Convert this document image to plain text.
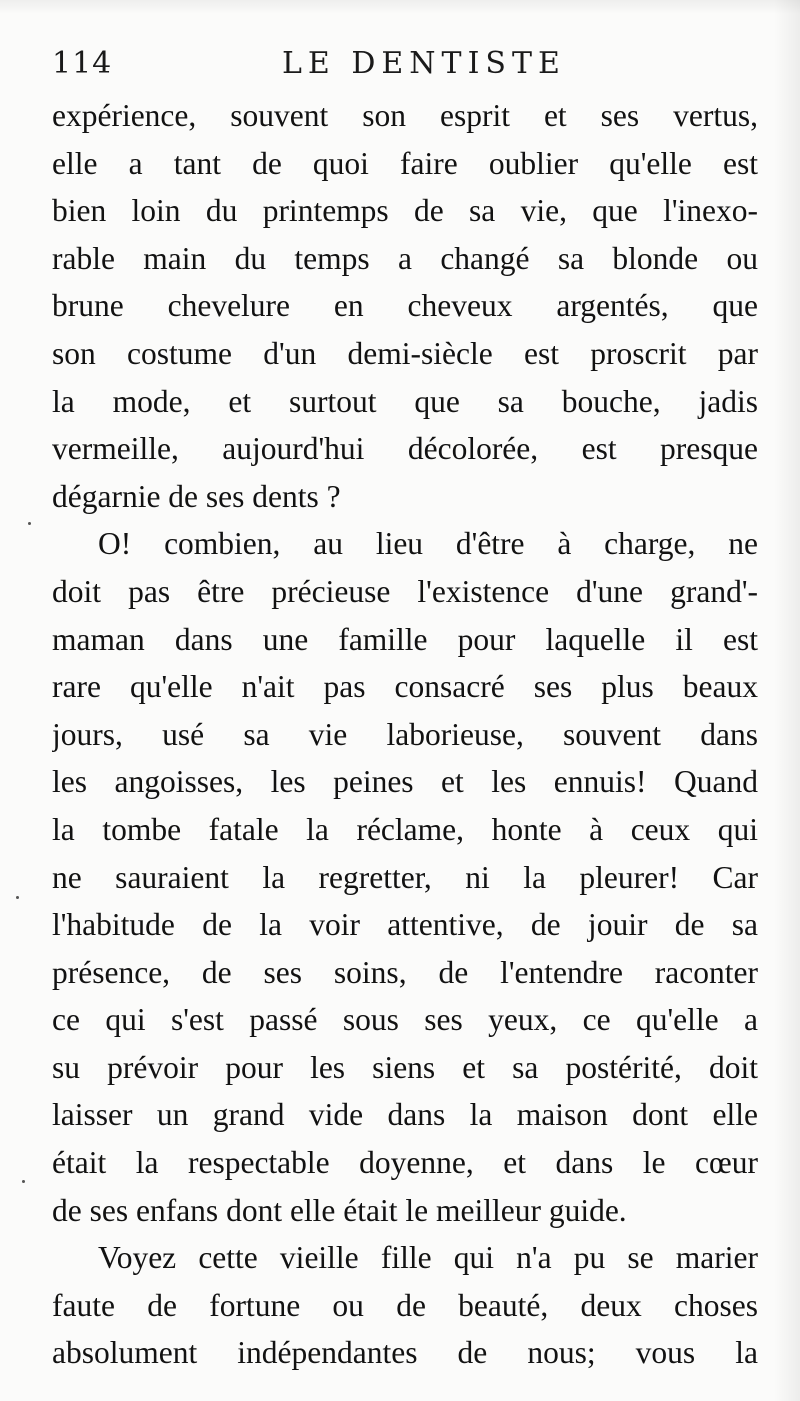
114	LE DENTISTE
expérience, souvent son esprit et ses vertus,
elle a tant de quoi faire oublier qu'elle est
bien loin du printemps de sa vie, que l'inexo-
rable main du temps a changé sa blonde ou
brune chevelure en cheveux argentés, que
son costume d'un demi-siècle est proscrit par
la mode, et surtout que sa bouche, jadis
vermeille, aujourd'hui décolorée, est presque
dégarnie de ses dents ?
O! combien, au lieu d'être à charge, ne
doit pas être précieuse l'existence d'une grand'-
maman dans une famille pour laquelle il est
rare qu'elle n'ait pas consacré ses plus beaux
jours, usé sa vie laborieuse, souvent dans
les angoisses, les peines et les ennuis! Quand
la tombe fatale la réclame, honte à ceux qui
ne sauraient la regretter, ni la pleurer! Car
l'habitude de la voir attentive, de jouir de sa
présence, de ses soins, de l'entendre raconter
ce qui s'est passé sous ses yeux, ce qu'elle a
su prévoir pour les siens et sa postérité, doit
laisser un grand vide dans la maison dont elle
était la respectable doyenne, et dans le cœur
de ses enfans dont elle était le meilleur guide.
Voyez cette vieille fille qui n'a pu se marier
faute de fortune ou de beauté, deux choses
absolument indépendantes de nous; vous la
